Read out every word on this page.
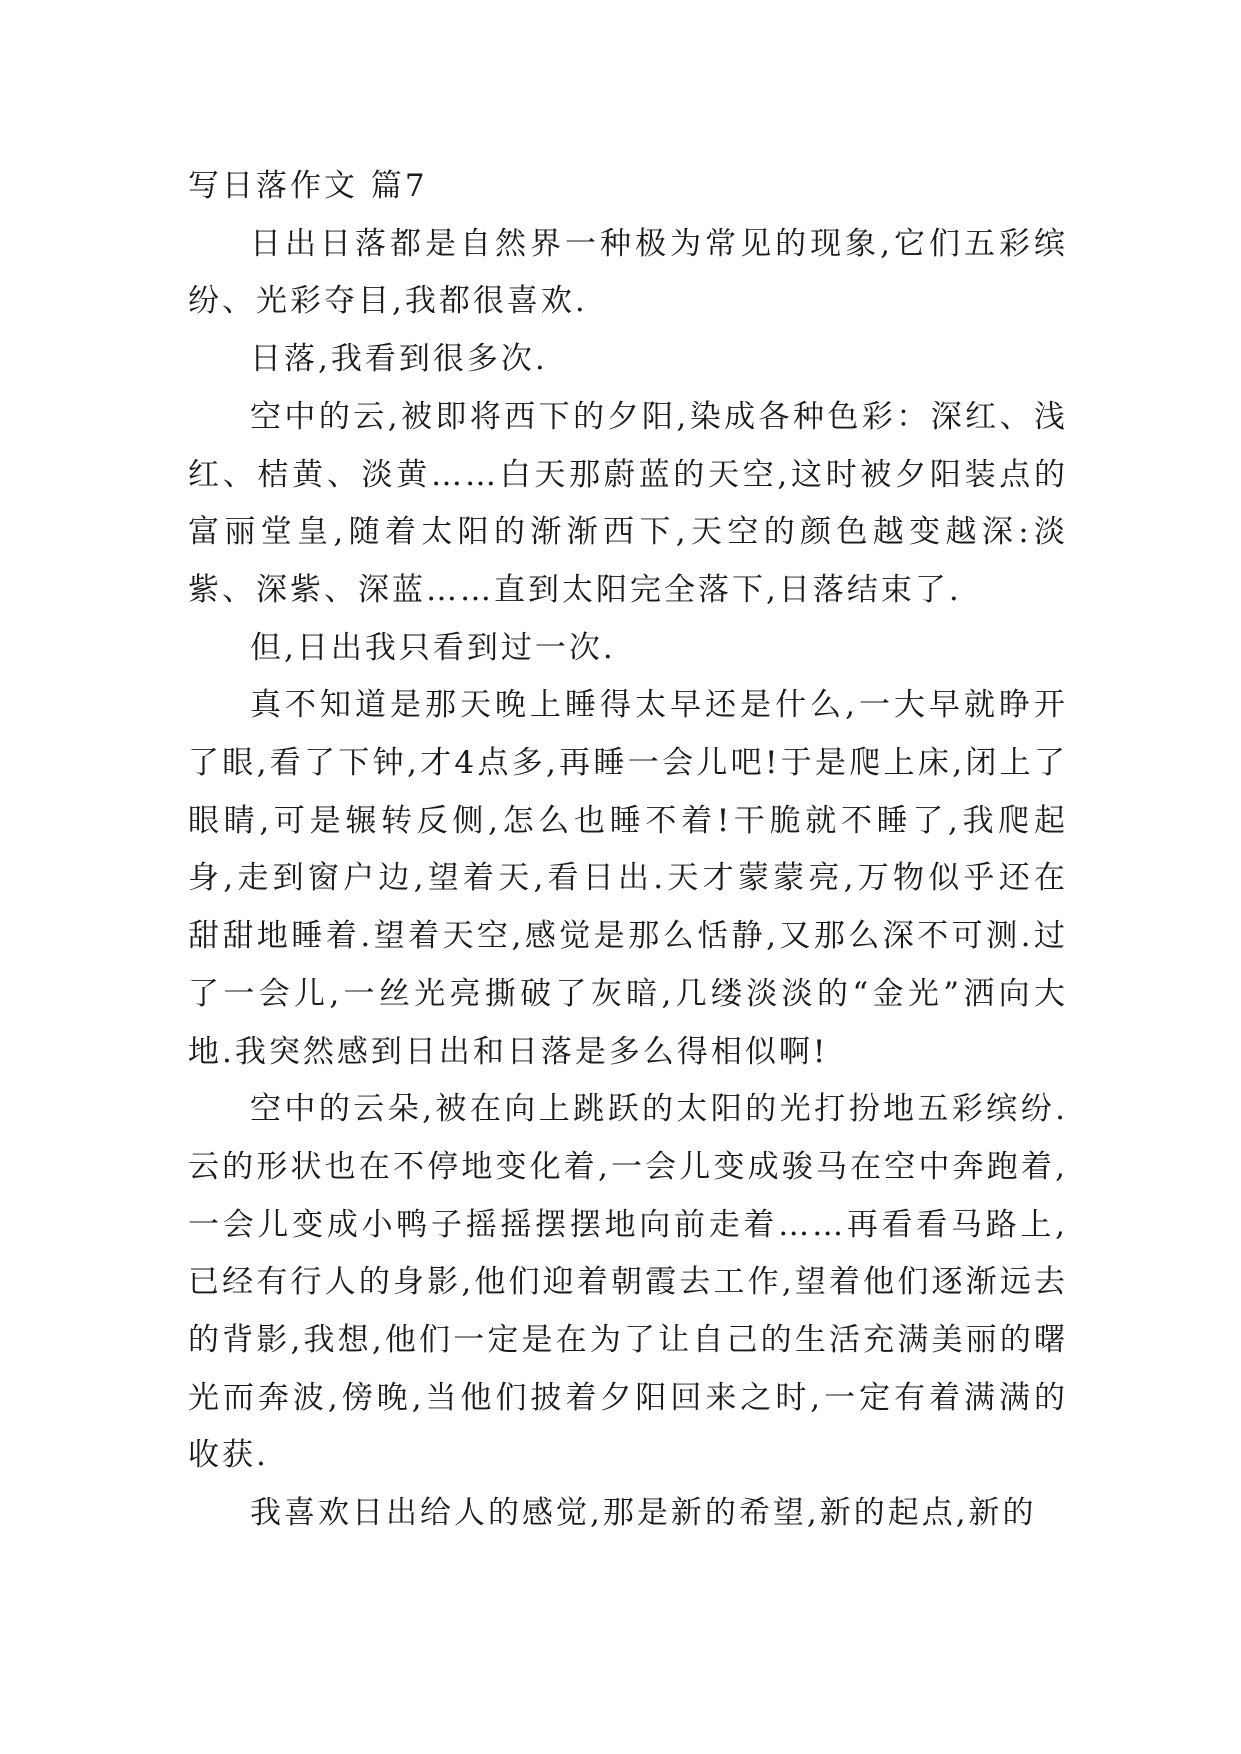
写日落作文 篇7

日出日落都是自然界一种极为常见的现象,它们五彩缤纷、光彩夺目,我都很喜欢.

日落,我看到很多次.

空中的云,被即将西下的夕阳,染成各种色彩：深红、浅红、桔黄、淡黄……白天那蔚蓝的天空,这时被夕阳装点的富丽堂皇,随着太阳的渐渐西下,天空的颜色越变越深:淡紫、深紫、深蓝……直到太阳完全落下,日落结束了.

但,日出我只看到过一次.

真不知道是那天晚上睡得太早还是什么,一大早就睁开了眼,看了下钟,才4点多,再睡一会儿吧!于是爬上床,闭上了眼睛,可是辗转反侧,怎么也睡不着!干脆就不睡了,我爬起身,走到窗户边,望着天,看日出.天才蒙蒙亮,万物似乎还在甜甜地睡着.望着天空,感觉是那么恬静,又那么深不可测.过了一会儿,一丝光亮撕破了灰暗,几缕淡淡的“金光”洒向大地.我突然感到日出和日落是多么得相似啊!

空中的云朵,被在向上跳跃的太阳的光打扮地五彩缤纷.云的形状也在不停地变化着,一会儿变成骏马在空中奔跑着,一会儿变成小鸭子摇摇摆摆地向前走着……再看看马路上,已经有行人的身影,他们迎着朝霞去工作,望着他们逐渐远去的背影,我想,他们一定是在为了让自己的生活充满美丽的曙光而奔波,傍晚,当他们披着夕阳回来之时,一定有着满满的收获.

我喜欢日出给人的感觉,那是新的希望,新的起点,新的
